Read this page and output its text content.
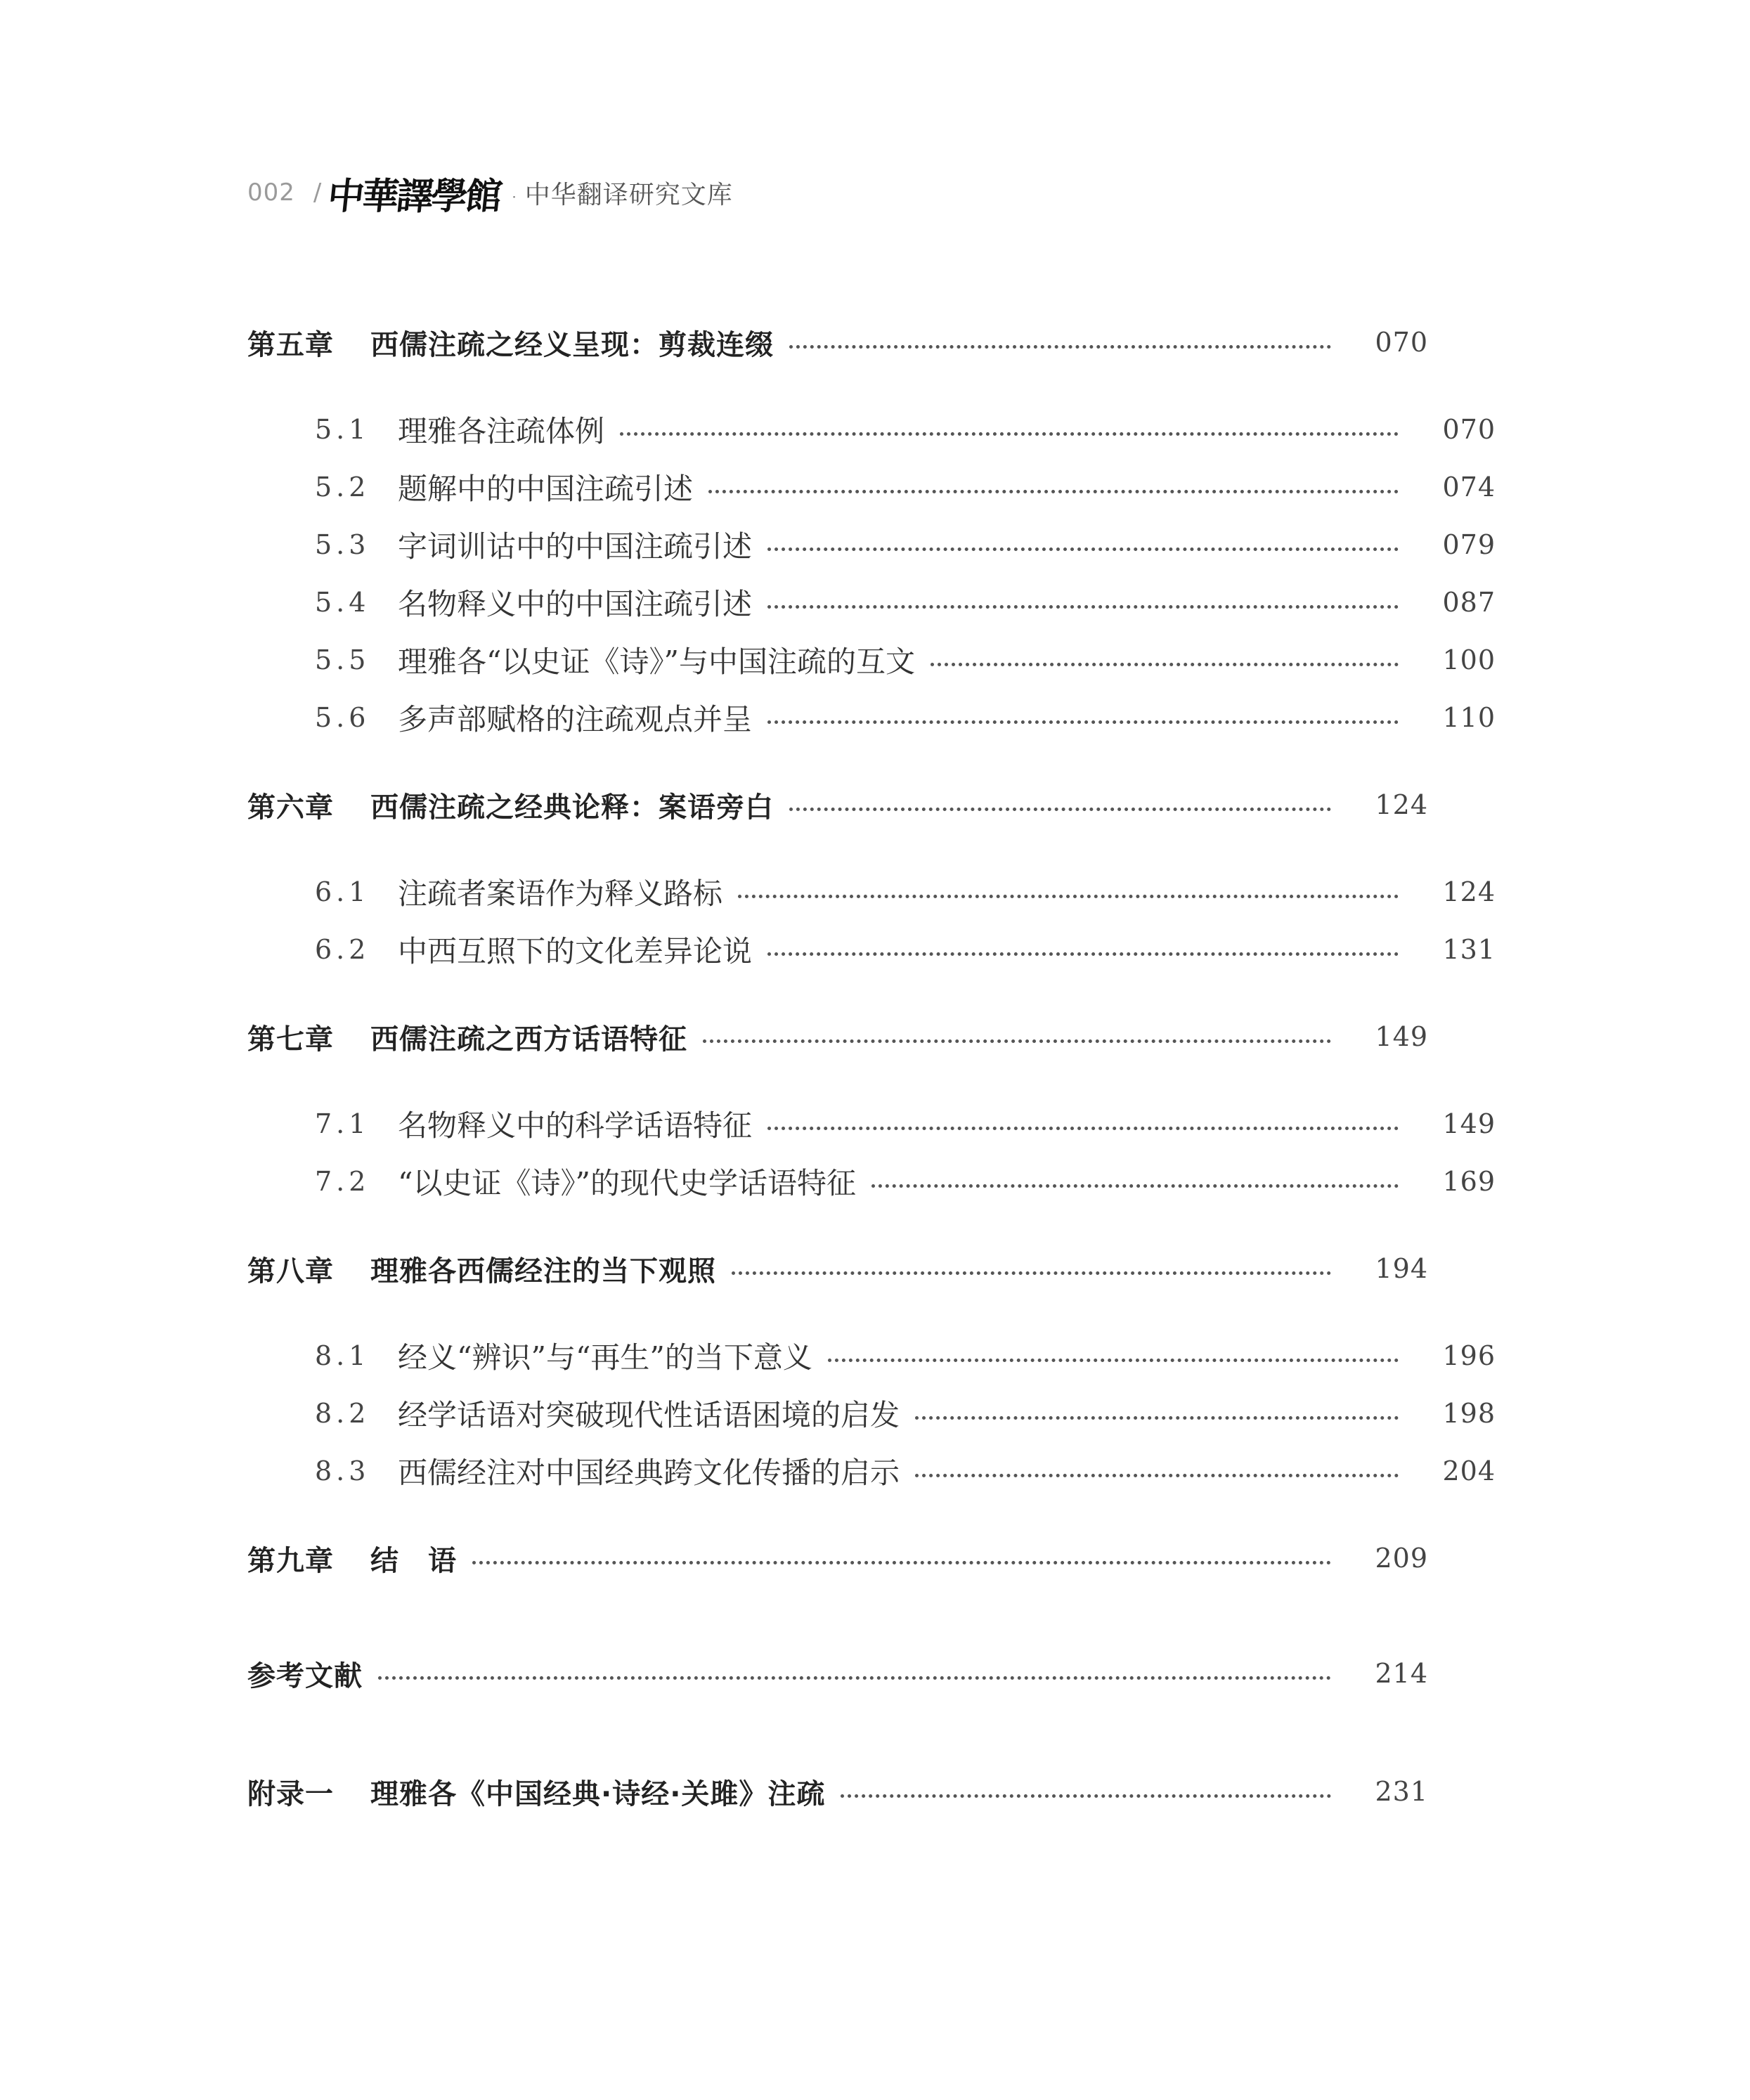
002 / 中華譯學館 · 中华翻译研究文库
第五章 西儒注疏之经义呈现：剪裁连缀	070
5.1 理雅各注疏体例	070
5.2 题解中的中国注疏引述	074
5.3 字词训诂中的中国注疏引述	079
5.4 名物释义中的中国注疏引述	087
5.5 理雅各“以史证《诗》”与中国注疏的互文	100
5.6 多声部赋格的注疏观点并呈	110
第六章 西儒注疏之经典论释：案语旁白	124
6.1 注疏者案语作为释义路标	124
6.2 中西互照下的文化差异论说	131
第七章 西儒注疏之西方话语特征	149
7.1 名物释义中的科学话语特征	149
7.2 “以史证《诗》”的现代史学话语特征	169
第八章 理雅各西儒经注的当下观照	194
8.1 经义“辨识”与“再生”的当下意义	196
8.2 经学话语对突破现代性话语困境的启发	198
8.3 西儒经注对中国经典跨文化传播的启示	204
第九章 结　语	209
参考文献	214
附录一 理雅各《中国经典·诗经·关雎》注疏	231
